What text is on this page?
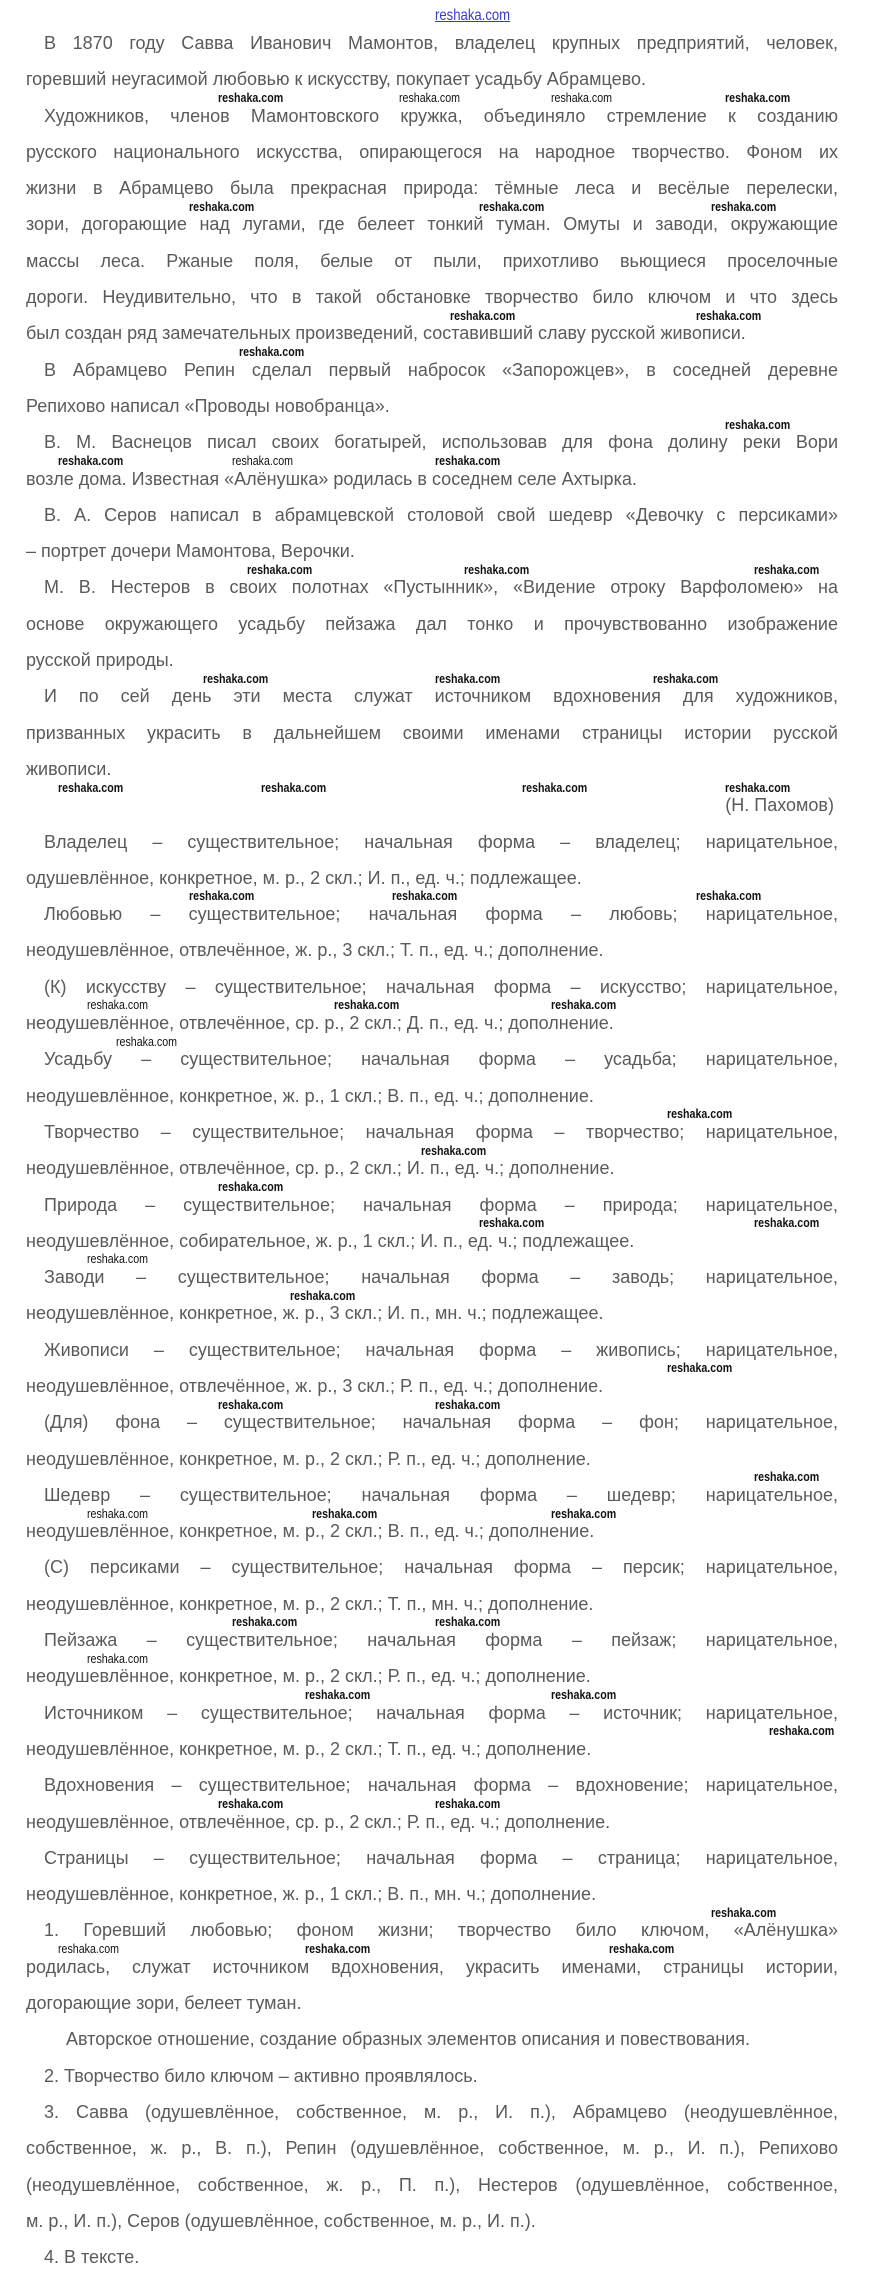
В 1870 году Савва Иванович Мамонтов, владелец крупных предприятий, человек,
горевший неугасимой любовью к искусству, покупает усадьбу Абрамцево.
Художников, членов Мамонтовского кружка, объединяло стремление к созданию
русского национального искусства, опирающегося на народное творчество. Фоном их
жизни в Абрамцево была прекрасная природа: тёмные леса и весёлые перелески,
зори, догорающие над лугами, где белеет тонкий туман. Омуты и заводи, окружающие
массы леса. Ржаные поля, белые от пыли, прихотливо вьющиеся проселочные
дороги. Неудивительно, что в такой обстановке творчество било ключом и что здесь
был создан ряд замечательных произведений, составивший славу русской живописи.
В Абрамцево Репин сделал первый набросок «Запорожцев», в соседней деревне
Репихово написал «Проводы новобранца».
В. М. Васнецов писал своих богатырей, использовав для фона долину реки Вори
возле дома. Известная «Алёнушка» родилась в соседнем селе Ахтырка.
В. А. Серов написал в абрамцевской столовой свой шедевр «Девочку с персиками»
– портрет дочери Мамонтова, Верочки.
М. В. Нестеров в своих полотнах «Пустынник», «Видение отроку Варфоломею» на
основе окружающего усадьбу пейзажа дал тонко и прочувствованно изображение
русской природы.
И по сей день эти места служат источником вдохновения для художников,
призванных украсить в дальнейшем своими именами страницы истории русской
живописи.
(Н. Пахомов)
Владелец – существительное; начальная форма – владелец; нарицательное,
одушевлённое, конкретное, м. р., 2 скл.; И. п., ед. ч.; подлежащее.
Любовью – существительное; начальная форма – любовь; нарицательное,
неодушевлённое, отвлечённое, ж. р., 3 скл.; Т. п., ед. ч.; дополнение.
(К) искусству – существительное; начальная форма – искусство; нарицательное,
неодушевлённое, отвлечённое, ср. р., 2 скл.; Д. п., ед. ч.; дополнение.
Усадьбу – существительное; начальная форма – усадьба; нарицательное,
неодушевлённое, конкретное, ж. р., 1 скл.; В. п., ед. ч.; дополнение.
Творчество – существительное; начальная форма – творчество; нарицательное,
неодушевлённое, отвлечённое, ср. р., 2 скл.; И. п., ед. ч.; дополнение.
Природа – существительное; начальная форма – природа; нарицательное,
неодушевлённое, собирательное, ж. р., 1 скл.; И. п., ед. ч.; подлежащее.
Заводи – существительное; начальная форма – заводь; нарицательное,
неодушевлённое, конкретное, ж. р., 3 скл.; И. п., мн. ч.; подлежащее.
Живописи – существительное; начальная форма – живопись; нарицательное,
неодушевлённое, отвлечённое, ж. р., 3 скл.; Р. п., ед. ч.; дополнение.
(Для) фона – существительное; начальная форма – фон; нарицательное,
неодушевлённое, конкретное, м. р., 2 скл.; Р. п., ед. ч.; дополнение.
Шедевр – существительное; начальная форма – шедевр; нарицательное,
неодушевлённое, конкретное, м. р., 2 скл.; В. п., ед. ч.; дополнение.
(С) персиками – существительное; начальная форма – персик; нарицательное,
неодушевлённое, конкретное, м. р., 2 скл.; Т. п., мн. ч.; дополнение.
Пейзажа – существительное; начальная форма – пейзаж; нарицательное,
неодушевлённое, конкретное, м. р., 2 скл.; Р. п., ед. ч.; дополнение.
Источником – существительное; начальная форма – источник; нарицательное,
неодушевлённое, конкретное, м. р., 2 скл.; Т. п., ед. ч.; дополнение.
Вдохновения – существительное; начальная форма – вдохновение; нарицательное,
неодушевлённое, отвлечённое, ср. р., 2 скл.; Р. п., ед. ч.; дополнение.
Страницы – существительное; начальная форма – страница; нарицательное,
неодушевлённое, конкретное, ж. р., 1 скл.; В. п., мн. ч.; дополнение.
1. Горевший любовью; фоном жизни; творчество било ключом, «Алёнушка»
родилась, служат источником вдохновения, украсить именами, страницы истории,
догорающие зори, белеет туман.
Авторское отношение, создание образных элементов описания и повествования.
2. Творчество било ключом – активно проявлялось.
3. Савва (одушевлённое, собственное, м. р., И. п.), Абрамцево (неодушевлённое,
собственное, ж. р., В. п.), Репин (одушевлённое, собственное, м. р., И. п.), Репихово
(неодушевлённое, собственное, ж. р., П. п.), Нестеров (одушевлённое, собственное,
м. р., И. п.), Серов (одушевлённое, собственное, м. р., И. п.).
4. В тексте.
reshaka.com
reshaka.com	reshaka.com	reshaka.com	reshaka.com
reshaka.com	reshaka.com	reshaka.com
reshaka.com	reshaka.com
reshaka.com
reshaka.com
reshaka.com	reshaka.com	reshaka.com
reshaka.com	reshaka.com	reshaka.com
reshaka.com	reshaka.com	reshaka.com
reshaka.com	reshaka.com	reshaka.com	reshaka.com
reshaka.com	reshaka.com	reshaka.com
reshaka.com	reshaka.com	reshaka.com
reshaka.com
reshaka.com
reshaka.com
reshaka.com
reshaka.com	reshaka.com
reshaka.com
reshaka.com
reshaka.com
reshaka.com	reshaka.com
reshaka.com
reshaka.com	reshaka.com	reshaka.com
reshaka.com	reshaka.com
reshaka.com
reshaka.com	reshaka.com
reshaka.com
reshaka.com	reshaka.com
reshaka.com
reshaka.com	reshaka.com	reshaka.com
